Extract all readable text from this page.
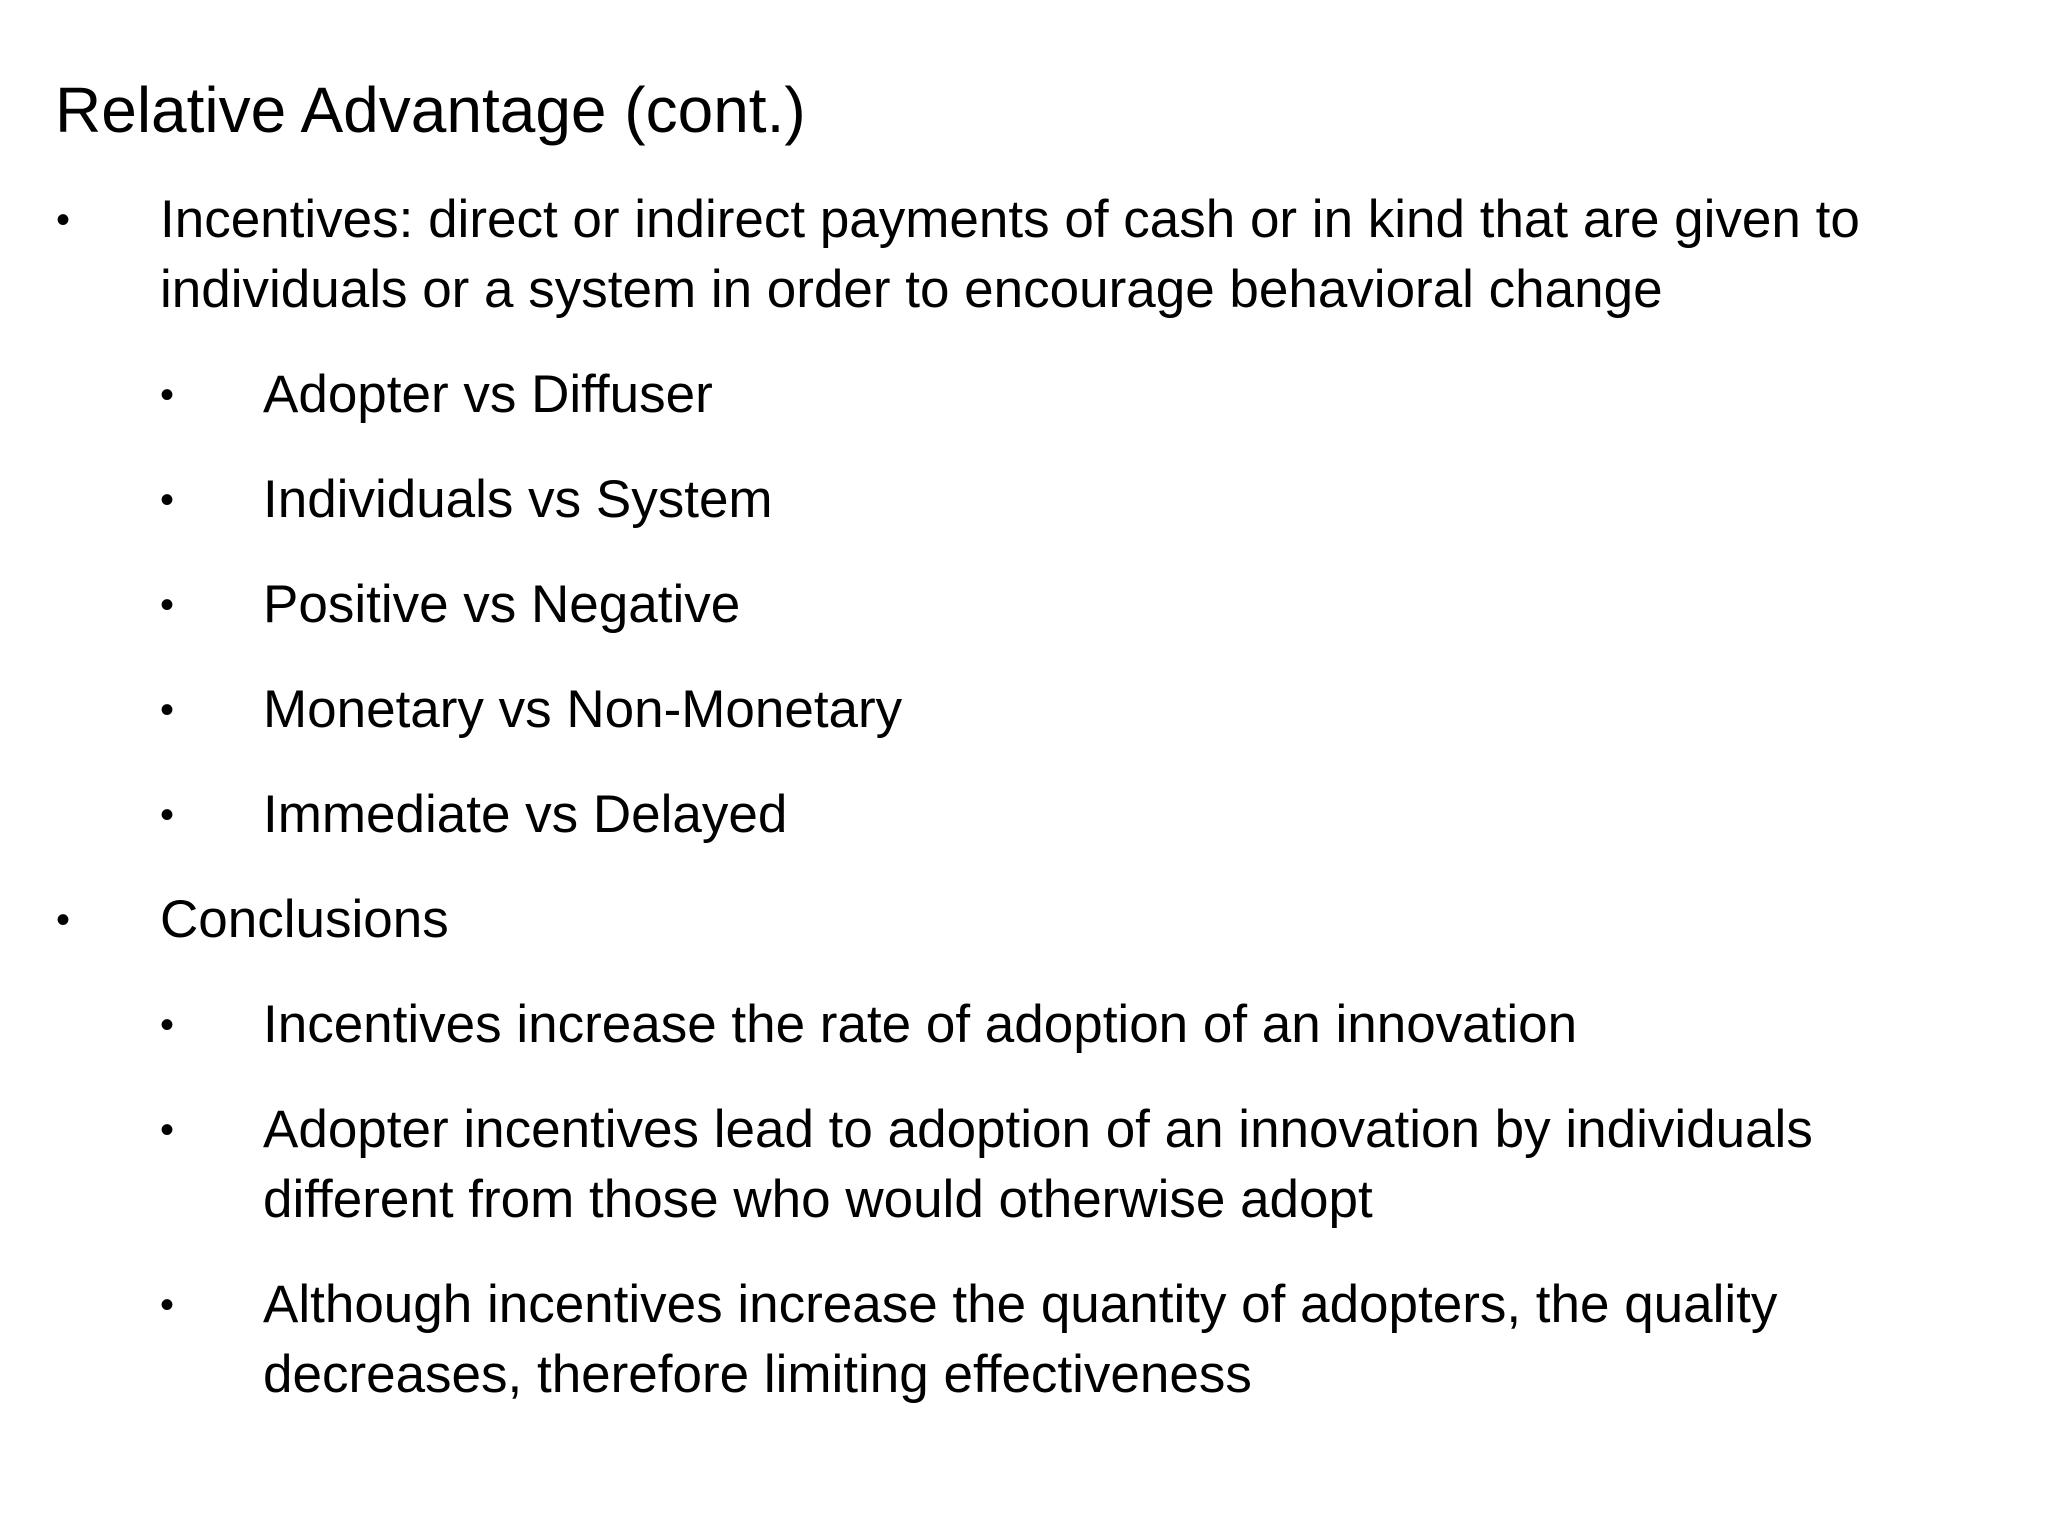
Relative Advantage (cont.)
• Incentives: direct or indirect payments of cash or in kind that are given to individuals or a system in order to encourage behavioral change
• Adopter vs Diffuser
• Individuals vs System
• Positive vs Negative
• Monetary vs Non-Monetary
• Immediate vs Delayed
• Conclusions
• Incentives increase the rate of adoption of an innovation
• Adopter incentives lead to adoption of an innovation by individuals different from those who would otherwise adopt
• Although incentives increase the quantity of adopters, the quality decreases, therefore limiting effectiveness
